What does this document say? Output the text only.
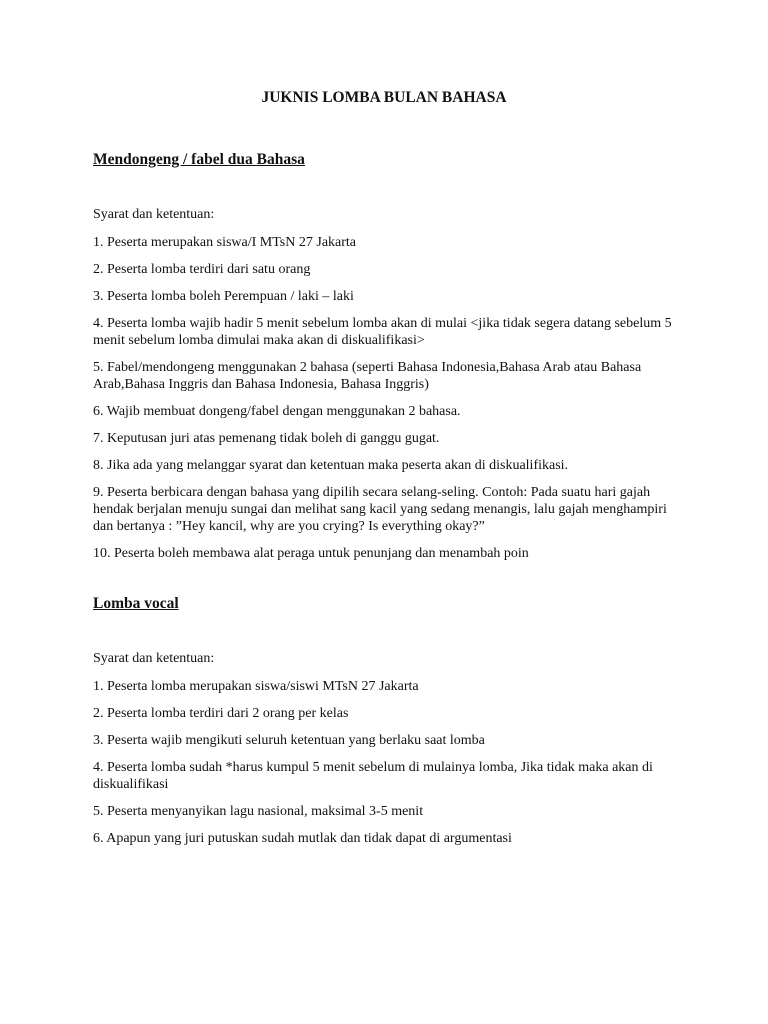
JUKNIS LOMBA BULAN BAHASA
Mendongeng / fabel dua Bahasa

Syarat dan ketentuan:

1. Peserta merupakan siswa/I MTsN 27 Jakarta
2. Peserta lomba terdiri dari satu orang
3. Peserta lomba boleh Perempuan / laki – laki
4. Peserta lomba wajib hadir 5 menit sebelum lomba akan di mulai <jika tidak segera datang sebelum 5 menit sebelum lomba dimulai maka akan di diskualifikasi>
5. Fabel/mendongeng menggunakan 2 bahasa (seperti Bahasa Indonesia,Bahasa Arab atau Bahasa Arab,Bahasa Inggris dan Bahasa Indonesia, Bahasa Inggris)
6. Wajib membuat dongeng/fabel dengan menggunakan 2 bahasa.
7. Keputusan juri atas pemenang tidak boleh di ganggu gugat.
8. Jika ada yang melanggar syarat dan ketentuan maka peserta akan di diskualifikasi.
9. Peserta berbicara dengan bahasa yang dipilih secara selang-seling. Contoh: Pada suatu hari gajah hendak berjalan menuju sungai dan melihat sang kacil yang sedang menangis, lalu gajah menghampiri dan bertanya : ”Hey kancil, why are you crying? Is everything okay?”
10. Peserta boleh membawa alat peraga untuk penunjang dan menambah poin
Lomba vocal

Syarat dan ketentuan:

1. Peserta lomba merupakan siswa/siswi MTsN 27 Jakarta
2. Peserta lomba terdiri dari 2 orang per kelas
3. Peserta wajib mengikuti seluruh ketentuan yang berlaku saat lomba
4. Peserta lomba sudah *harus kumpul 5 menit sebelum di mulainya lomba, Jika tidak maka akan di diskualifikasi
5. Peserta menyanyikan lagu nasional, maksimal 3-5 menit
6. Apapun yang juri putuskan sudah mutlak dan tidak dapat di argumentasi
